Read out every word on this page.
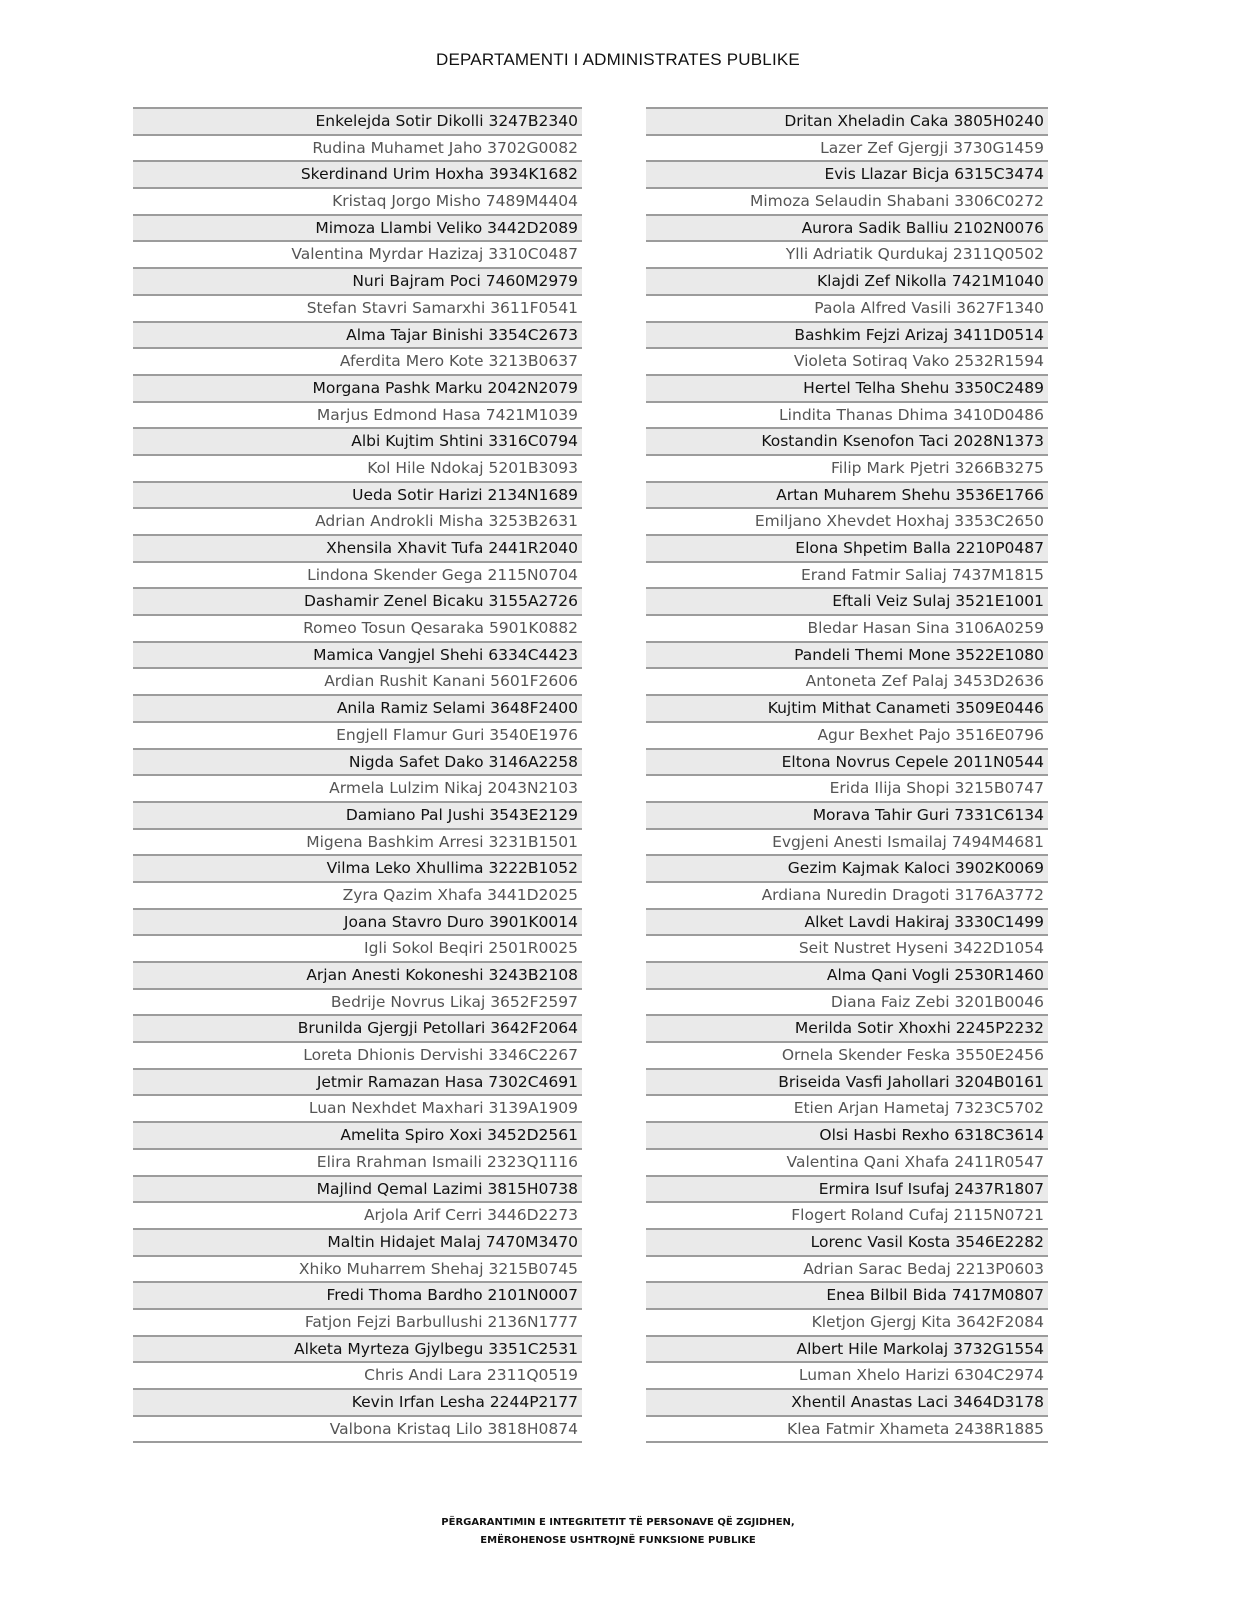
DEPARTAMENTI I ADMINISTRATES PUBLIKE
Enkelejda Sotir Dikolli 3247B2340
Rudina Muhamet Jaho 3702G0082
Skerdinand Urim Hoxha 3934K1682
Kristaq Jorgo Misho 7489M4404
Mimoza Llambi Veliko 3442D2089
Valentina Myrdar Hazizaj 3310C0487
Nuri Bajram Poci 7460M2979
Stefan Stavri Samarxhi 3611F0541
Alma Tajar Binishi 3354C2673
Aferdita Mero Kote 3213B0637
Morgana Pashk Marku 2042N2079
Marjus Edmond Hasa 7421M1039
Albi Kujtim Shtini 3316C0794
Kol Hile Ndokaj 5201B3093
Ueda Sotir Harizi 2134N1689
Adrian Androkli Misha 3253B2631
Xhensila Xhavit Tufa 2441R2040
Lindona Skender Gega 2115N0704
Dashamir Zenel Bicaku 3155A2726
Romeo Tosun Qesaraka 5901K0882
Mamica Vangjel Shehi 6334C4423
Ardian Rushit Kanani 5601F2606
Anila Ramiz Selami 3648F2400
Engjell Flamur Guri 3540E1976
Nigda Safet Dako 3146A2258
Armela Lulzim Nikaj 2043N2103
Damiano Pal Jushi 3543E2129
Migena Bashkim Arresi 3231B1501
Vilma Leko Xhullima 3222B1052
Zyra Qazim Xhafa 3441D2025
Joana Stavro Duro 3901K0014
Igli Sokol Beqiri 2501R0025
Arjan Anesti Kokoneshi 3243B2108
Bedrije Novrus Likaj 3652F2597
Brunilda Gjergji Petollari 3642F2064
Loreta Dhionis Dervishi 3346C2267
Jetmir Ramazan Hasa 7302C4691
Luan Nexhdet Maxhari 3139A1909
Amelita Spiro Xoxi 3452D2561
Elira Rrahman Ismaili 2323Q1116
Majlind Qemal Lazimi 3815H0738
Arjola Arif Cerri 3446D2273
Maltin Hidajet Malaj 7470M3470
Xhiko Muharrem Shehaj 3215B0745
Fredi Thoma Bardho 2101N0007
Fatjon Fejzi Barbullushi 2136N1777
Alketa Myrteza Gjylbegu 3351C2531
Chris Andi Lara 2311Q0519
Kevin Irfan Lesha 2244P2177
Valbona Kristaq Lilo 3818H0874
Dritan Xheladin Caka 3805H0240
Lazer Zef Gjergji 3730G1459
Evis Llazar Bicja 6315C3474
Mimoza Selaudin Shabani 3306C0272
Aurora Sadik Balliu 2102N0076
Ylli Adriatik Qurdukaj 2311Q0502
Klajdi Zef Nikolla 7421M1040
Paola Alfred Vasili 3627F1340
Bashkim Fejzi Arizaj 3411D0514
Violeta Sotiraq Vako 2532R1594
Hertel Telha Shehu 3350C2489
Lindita Thanas Dhima 3410D0486
Kostandin Ksenofon Taci 2028N1373
Filip Mark Pjetri 3266B3275
Artan Muharem Shehu 3536E1766
Emiljano Xhevdet Hoxhaj 3353C2650
Elona Shpetim Balla 2210P0487
Erand Fatmir Saliaj 7437M1815
Eftali Veiz Sulaj 3521E1001
Bledar Hasan Sina 3106A0259
Pandeli Themi Mone 3522E1080
Antoneta Zef Palaj 3453D2636
Kujtim Mithat Canameti 3509E0446
Agur Bexhet Pajo 3516E0796
Eltona Novrus Cepele 2011N0544
Erida Ilija Shopi 3215B0747
Morava Tahir Guri 7331C6134
Evgjeni Anesti Ismailaj 7494M4681
Gezim Kajmak Kaloci 3902K0069
Ardiana Nuredin Dragoti 3176A3772
Alket Lavdi Hakiraj 3330C1499
Seit Nustret Hyseni 3422D1054
Alma Qani Vogli 2530R1460
Diana Faiz Zebi 3201B0046
Merilda Sotir Xhoxhi 2245P2232
Ornela Skender Feska 3550E2456
Briseida Vasfi Jahollari 3204B0161
Etien Arjan Hametaj 7323C5702
Olsi Hasbi Rexho 6318C3614
Valentina Qani Xhafa 2411R0547
Ermira Isuf Isufaj 2437R1807
Flogert Roland Cufaj 2115N0721
Lorenc Vasil Kosta 3546E2282
Adrian Sarac Bedaj 2213P0603
Enea Bilbil Bida 7417M0807
Kletjon Gjergj Kita 3642F2084
Albert Hile Markolaj 3732G1554
Luman Xhelo Harizi 6304C2974
Xhentil Anastas Laci 3464D3178
Klea Fatmir Xhameta 2438R1885
PËRGARANTIMIN E INTEGRITETIT TË PERSONAVE QË ZGJIDHEN,
EMËROHENOSE USHTROJNË FUNKSIONE PUBLIKE
